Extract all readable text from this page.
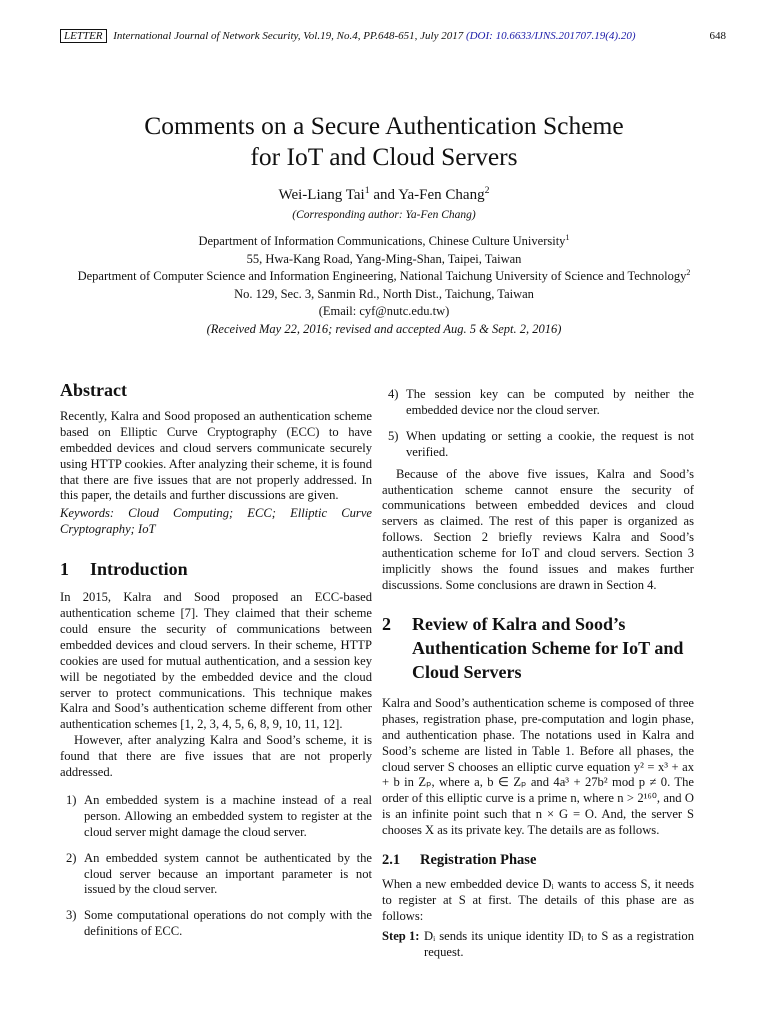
LETTER International Journal of Network Security, Vol.19, No.4, PP.648-651, July 2017 (DOI: 10.6633/IJNS.201707.19(4).20)	648
Comments on a Secure Authentication Scheme
for IoT and Cloud Servers
Wei-Liang Tai$^1$ and Ya-Fen Chang$^2$
(Corresponding author: Ya-Fen Chang)
Department of Information Communications, Chinese Culture University$^1$
55, Hwa-Kang Road, Yang-Ming-Shan, Taipei, Taiwan
Department of Computer Science and Information Engineering, National Taichung University of Science and Technology$^2$
No. 129, Sec. 3, Sanmin Rd., North Dist., Taichung, Taiwan
(Email: cyf@nutc.edu.tw)
(Received May 22, 2016; revised and accepted Aug. 5 & Sept. 2, 2016)
Abstract

Recently, Kalra and Sood proposed an authentication scheme based on Elliptic Curve Cryptography (ECC) to have embedded devices and cloud servers communicate securely using HTTP cookies. After analyzing their scheme, it is found that there are five issues that are not properly addressed. In this paper, the details and further discussions are given.

Keywords: Cloud Computing; ECC; Elliptic Curve Cryptography; IoT

1 Introduction

In 2015, Kalra and Sood proposed an ECC-based authentication scheme [7]. They claimed that their scheme could ensure the security of communications between embedded devices and cloud servers. In their scheme, HTTP cookies are used for mutual authentication, and a session key will be negotiated by the embedded device and the cloud server to protect communications. This technique makes Kalra and Sood’s authentication scheme different from other authentication schemes [1, 2, 3, 4, 5, 6, 8, 9, 10, 11, 12].

However, after analyzing Kalra and Sood’s scheme, it is found that there are five issues that are not properly addressed.

1) An embedded system is a machine instead of a real person. Allowing an embedded system to register at the cloud server might damage the cloud server.
2) An embedded system cannot be authenticated by the cloud server because an important parameter is not issued by the cloud server.
3) Some computational operations do not comply with the definitions of ECC.
4) The session key can be computed by neither the embedded device nor the cloud server.
5) When updating or setting a cookie, the request is not verified.

Because of the above five issues, Kalra and Sood’s authentication scheme cannot ensure the security of communications between embedded devices and cloud servers as claimed. The rest of this paper is organized as follows. Section 2 briefly reviews Kalra and Sood’s authentication scheme for IoT and cloud servers. Section 3 implicitly shows the found issues and makes further discussions. Some conclusions are drawn in Section 4.

2	Review of Kalra and Sood’s Authentication Scheme for IoT and Cloud Servers

Kalra and Sood’s authentication scheme is composed of three phases, registration phase, pre-computation and login phase, and authentication phase. The notations used in Kalra and Sood’s scheme are listed in Table 1. Before all phases, the cloud server S chooses an elliptic curve equation y² = x³ + ax + b in Zₚ, where a, b ∈ Zₚ and 4a³ + 27b² mod p ≠ 0. The order of this elliptic curve is a prime n, where n > 2¹⁶⁰, and O is an infinite point such that n × G = O. And, the server S chooses X as its private key. The details are as follows.

2.1 Registration Phase

When a new embedded device Dᵢ wants to access S, it needs to register at S at first. The details of this phase are as follows:

Step 1: Dᵢ sends its unique identity IDᵢ to S as a registration request.
